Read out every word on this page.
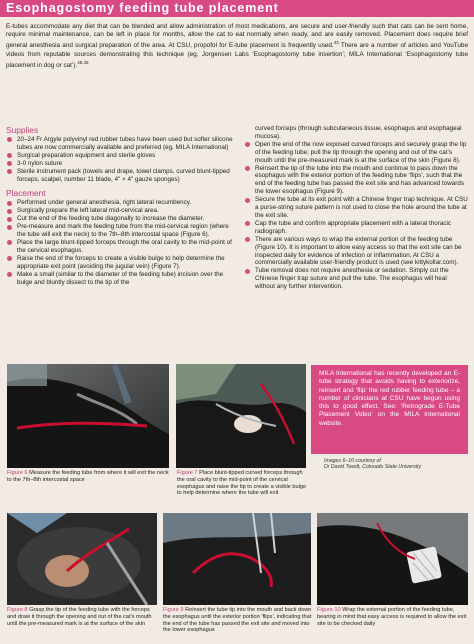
Esophagostomy feeding tube placement
E-tubes accommodate any diet that can be blended and allow administration of most medications, are secure and user-friendly such that cats can be sent home, require minimal maintenance, can be left in place for months, allow the cat to eat normally when ready, and are easily removed. Placement does require brief general anesthesia and surgical preparation of the area. At CSU, propofol for E-tube placement is frequently used.$^{44}$ There are a number of articles and YouTube videos from reputable sources demonstrating this technique (eg, Jorgensen Labs ‘Esophagostomy tube insertion’; MILA International ‘Esophagostomy tube placement in dog or cat’).$^{45,46}$
Supplies
20–24 Fr Argyle polyvinyl red rubber tubes have been used but softer silicone tubes are now commercially available and preferred (eg, MILA International)
Surgical preparation equipment and sterile gloves
3-0 nylon suture
Sterile instrument pack (towels and drape, towel clamps, curved blunt-tipped forceps, scalpel, number 11 blade, 4" × 4" gauze sponges)
Placement
Performed under general anesthesia, right lateral recumbency.
Surgically prepare the left lateral mid-cervical area.
Cut the end of the feeding tube diagonally to increase the diameter.
Pre-measure and mark the feeding tube from the mid-cervical region (where the tube will exit the neck) to the 7th–8th intercostal space (Figure 6).
Place the large blunt-tipped forceps through the oral cavity to the mid-point of the cervical esophagus.
Raise the end of the forceps to create a visible bulge to help determine the appropriate exit point (avoiding the jugular vein) (Figure 7).
Make a small (similar to the diameter of the feeding tube) incision over the bulge and bluntly dissect to the tip of the
curved forceps (through subcutaneous tissue, esophagus and esophageal mucosa).
Open the end of the now exposed curved forceps and securely grasp the tip of the feeding tube; pull the tip through the opening and out of the cat’s mouth until the pre-measured mark is at the surface of the skin (Figure 8).
Reinsert the tip of the tube into the mouth and continue to pass down the esophagus with the exterior portion of the feeding tube ‘flips’, such that the end of the feeding tube has passed the exit site and has advanced towards the lower esophagus (Figure 9).
Secure the tube at its exit point with a Chinese finger trap technique. At CSU a purse-string suture pattern is not used to close the hole around the tube at the exit site.
Cap the tube and confirm appropriate placement with a lateral thoracic radiograph.
There are various ways to wrap the external portion of the feeding tube (Figure 10). It is important to allow easy access so that the exit site can be inspected daily for evidence of infection or inflammation. At CSU a commercially available user-friendly product is used (see kittykollar.com).
Tube removal does not require anesthesia or sedation. Simply cut the Chinese finger trap suture and pull the tube. The esophagus will heal without any further intervention.
Figure 6 Measure the feeding tube from where it will exit the neck to the 7th–8th intercostal space
Figure 7 Place blunt-tipped curved forceps through the oral cavity to the mid-point of the cervical esophagus and raise the tip to create a visible bulge to help determine where the tube will exit
MILA International has recently developed an E-tube strategy that avoids having to exteriorize, reinsert and ‘flip’ the red rubber feeding tube – a number of clinicians at CSU have begun using this to good effect. See: ‘Retrograde E-Tube Placement Video’ on the MILA International website.
Images 6–10 courtesy of
Dr David Twedt, Colorado State University
Figure 8 Grasp the tip of the feeding tube with the forceps and draw it through the opening and out of the cat’s mouth until the pre-measured mark is at the surface of the skin
Figure 9 Reinsert the tube tip into the mouth and back down the esophagus until the exterior portion ‘flips’, indicating that the end of the tube has passed the exit site and moved into the lower esophagus
Figure 10 Wrap the external portion of the feeding tube, bearing in mind that easy access is required to allow the exit site to be checked daily
